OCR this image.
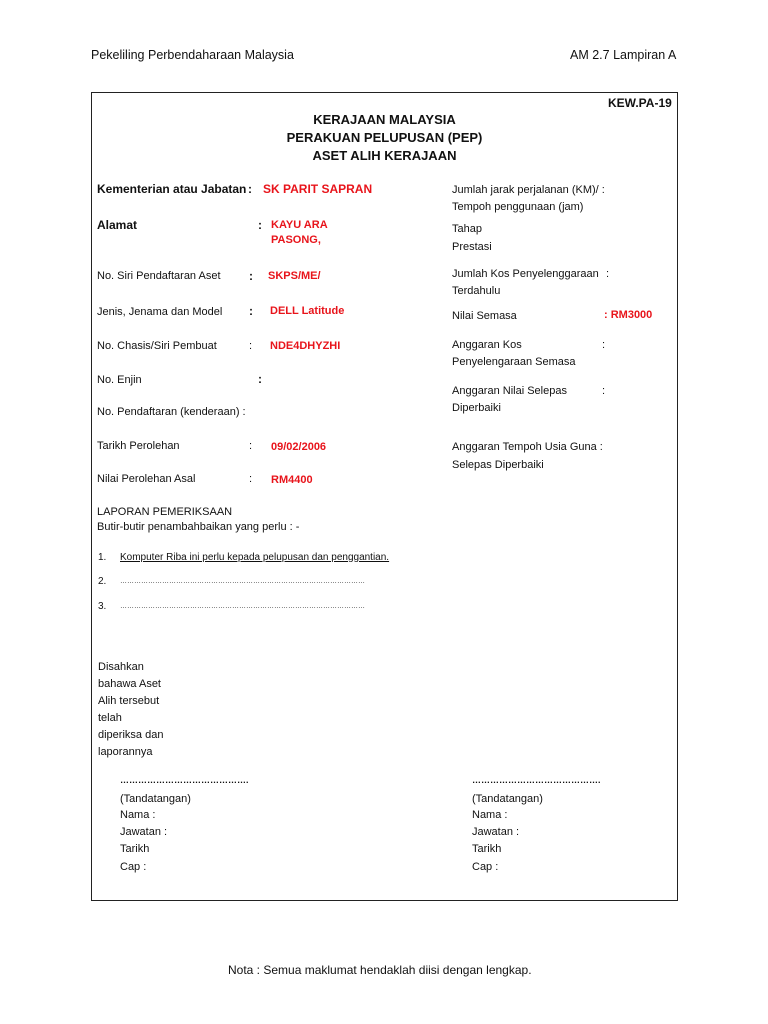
Pekeliling Perbendaharaan Malaysia	AM 2.7 Lampiran A
KEW.PA-19
KERAJAAN MALAYSIA
PERAKUAN PELUPUSAN (PEP)
ASET ALIH KERAJAAN
Kementerian atau Jabatan : SK PARIT SAPRAN
Alamat	: KAYU ARA
PASONG,
No. Siri Pendaftaran Aset : SKPS/ME/
Jenis, Jenama dan Model : DELL Latitude
No. Chasis/Siri Pembuat	: NDE4DHYZHI
No. Enjin	:
No. Pendaftaran (kenderaan) :
Tarikh Perolehan	: 09/02/2006
Nilai Perolehan Asal	: RM4400
Jumlah jarak perjalanan (KM)/ :
Tempoh penggunaan (jam)
Tahap
Prestasi
Jumlah Kos Penyelenggaraan :
Terdahulu
Nilai Semasa	: RM3000
Anggaran Kos	:
Penyelengaraan Semasa
Anggaran Nilai Selepas	:
Diperbaiki
Anggaran Tempoh Usia Guna :
Selepas Diperbaiki
LAPORAN PEMERIKSAAN
Butir-butir penambahbaikan yang perlu : -
1. Komputer Riba ini perlu kepada pelupusan dan penggantian.
2. ……………………………………………………………………………………………
3. ……………………………………………………………………………………………
Disahkan
bahawa Aset
Alih tersebut
telah
diperiksa dan
laporannya
…………………………………….
(Tandatangan)
Nama :
Jawatan :
Tarikh
Cap :
…………………………………….
(Tandatangan)
Nama :
Jawatan :
Tarikh
Cap :
Nota : Semua maklumat hendaklah diisi dengan lengkap.
